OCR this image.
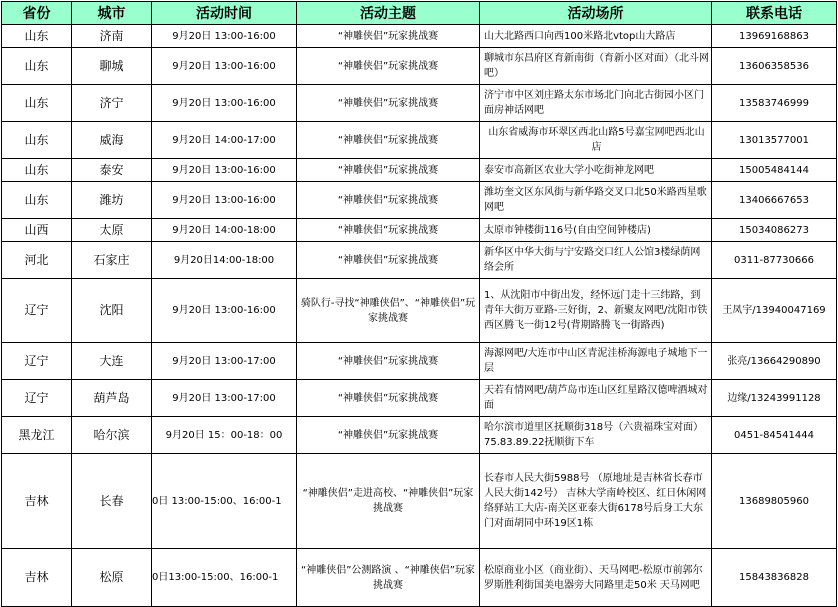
省份	城市	活动时间	活动主题	活动场所	联系电话
山东	济南	9月20日 13:00-16:00	“神雕侠侣”玩家挑战赛	山大北路西口向西100米路北vtop山大路店	13969168863
山东	聊城	9月20日 13:00-16:00	“神雕侠侣”玩家挑战赛	聊城市东昌府区育新南街（育新小区对面）（北斗网吧）	13606358536
山东	济宁	9月20日 13:00-16:00	“神雕侠侣”玩家挑战赛	济宁市中区刘庄路太东市场北门向北古街园小区门面房神话网吧	13583746999
山东	威海	9月20日 14:00-17:00	“神雕侠侣”玩家挑战赛	山东省威海市环翠区西北山路5号嘉宝网吧西北山店	13013577001
山东	泰安	9月20日 13:00-16:00	“神雕侠侣”玩家挑战赛	泰安市高新区农业大学小吃街神龙网吧	15005484144
山东	潍坊	9月20日 13:00-16:00	“神雕侠侣”玩家挑战赛	潍坊奎文区东风街与新华路交叉口北50米路西星歌网吧	13406667653
山西	太原	9月20日 14:00-18:00	“神雕侠侣”玩家挑战赛	太原市钟楼街116号(自由空间钟楼店)	15034086273
河北	石家庄	9月20日14:00-18:00	“神雕侠侣”玩家挑战赛	新华区中华大街与宁安路交口红人公馆3楼绿荫网络会所	0311-87730666
辽宁	沈阳	9月20日 13:00-16:00	骑队行-寻找“神雕侠侣”、“神雕侠侣”玩家挑战赛	1、从沈阳市中街出发，经怀远门走十三纬路，到青年大街万亚路-三好街，2、新聚友网吧/沈阳市铁西区腾飞一街12号(背期路腾飞一街路西)	王凤宇/13940047169
辽宁	大连	9月20日 13:00-17:00	“神雕侠侣”玩家挑战赛	海源网吧/大连市中山区青泥洼桥海源电子城地下一层	张亮/13664290890
辽宁	葫芦岛	9月20日 13:00-17:00	“神雕侠侣”玩家挑战赛	天若有情网吧/葫芦岛市连山区红星路汉德啤酒城对面	边缘/13243991128
黑龙江	哈尔滨	9月20日 15：00-18：00	“神雕侠侣”玩家挑战赛	哈尔滨市道里区抚顺街318号（六贵福珠宝对面） 75.83.89.22抚顺街下车	0451-84541444
吉林	长春	0日 13:00-15:00、16:00-1	“神雕侠侣”走进高校、“神雕侠侣”玩家挑战赛	长春市人民大街5988号 （原地址是吉林省长春市人民大街142号） 吉林大学南岭校区、红日休闲网络驿站工大店-南关区亚泰大街6178号后身工大东门对面胡同中环19区1栋	13689805960
吉林	松原	0日13:00-15:00、16:00-1	“神雕侠侣”公测路演 、“神雕侠侣”玩家挑战赛	松原商业小区（商业街）、天马网吧-松原市前郭尔罗斯胜利街国美电器旁大同路里走50米 天马网吧	15843836828
